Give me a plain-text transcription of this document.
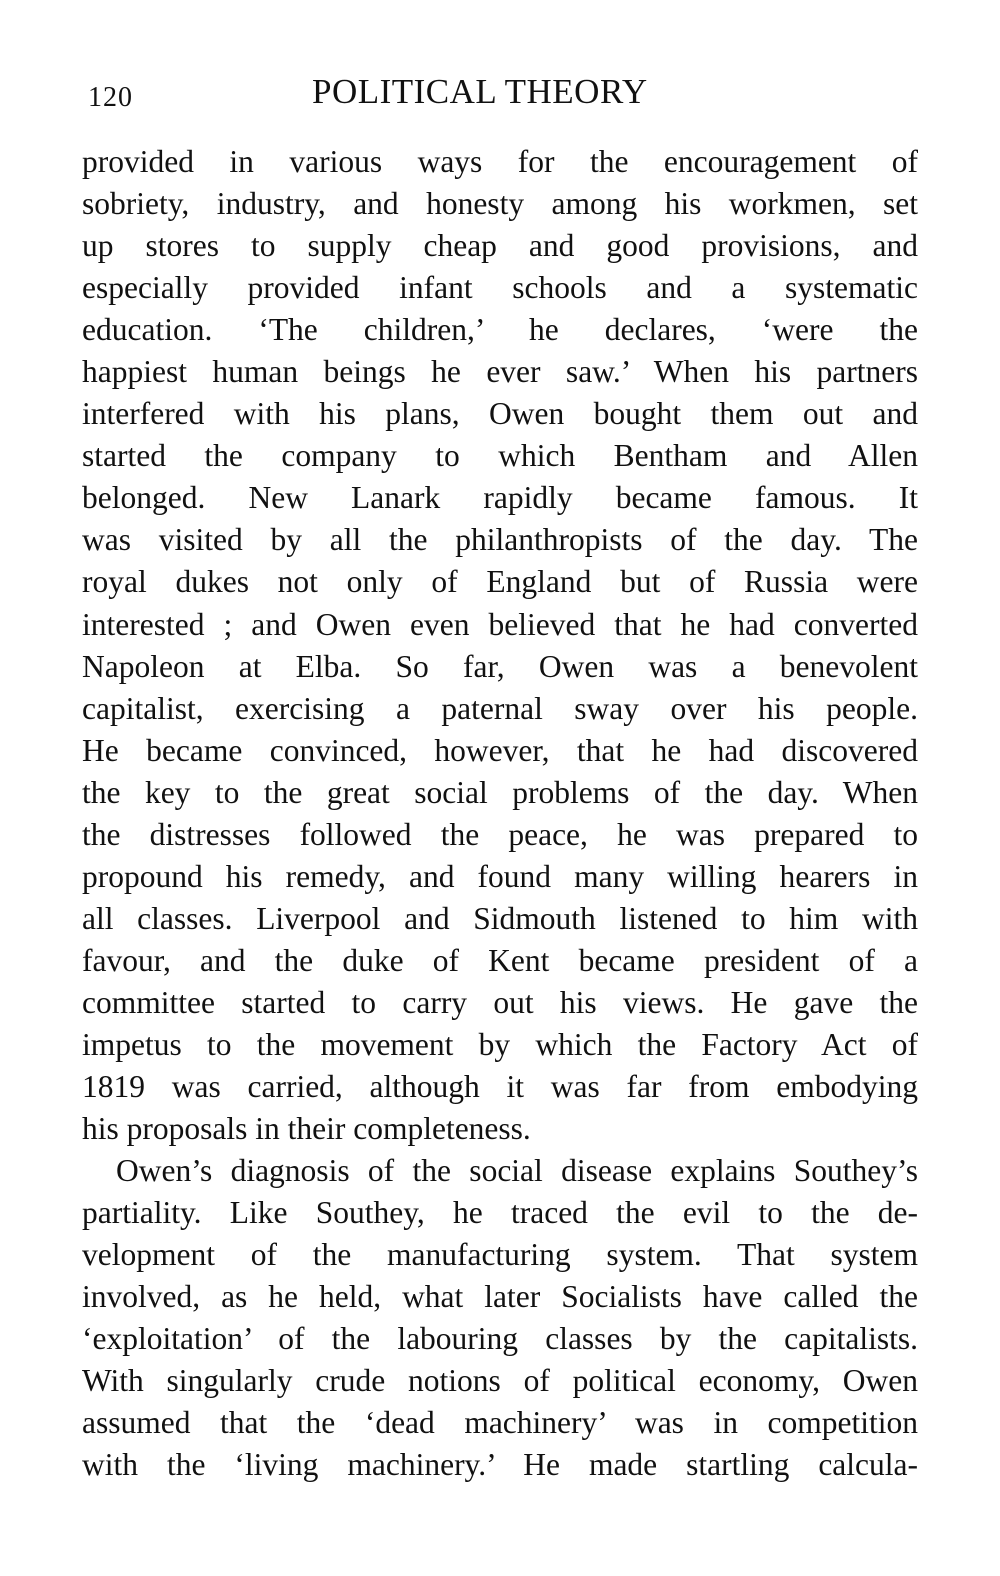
120	POLITICAL THEORY
provided in various ways for the encouragement of
sobriety, industry, and honesty among his workmen, set
up stores to supply cheap and good provisions, and
especially provided infant schools and a systematic
education. ‘The children,’ he declares, ‘were the
happiest human beings he ever saw.’ When his partners
interfered with his plans, Owen bought them out and
started the company to which Bentham and Allen
belonged. New Lanark rapidly became famous. It
was visited by all the philanthropists of the day. The
royal dukes not only of England but of Russia were
interested ; and Owen even believed that he had converted
Napoleon at Elba. So far, Owen was a benevolent
capitalist, exercising a paternal sway over his people.
He became convinced, however, that he had discovered
the key to the great social problems of the day. When
the distresses followed the peace, he was prepared to
propound his remedy, and found many willing hearers in
all classes. Liverpool and Sidmouth listened to him with
favour, and the duke of Kent became president of a
committee started to carry out his views. He gave the
impetus to the movement by which the Factory Act of
1819 was carried, although it was far from embodying
his proposals in their completeness.
Owen’s diagnosis of the social disease explains Southey’s
partiality. Like Southey, he traced the evil to the de-
velopment of the manufacturing system. That system
involved, as he held, what later Socialists have called the
‘exploitation’ of the labouring classes by the capitalists.
With singularly crude notions of political economy, Owen
assumed that the ‘dead machinery’ was in competition
with the ‘living machinery.’ He made startling calcula-
